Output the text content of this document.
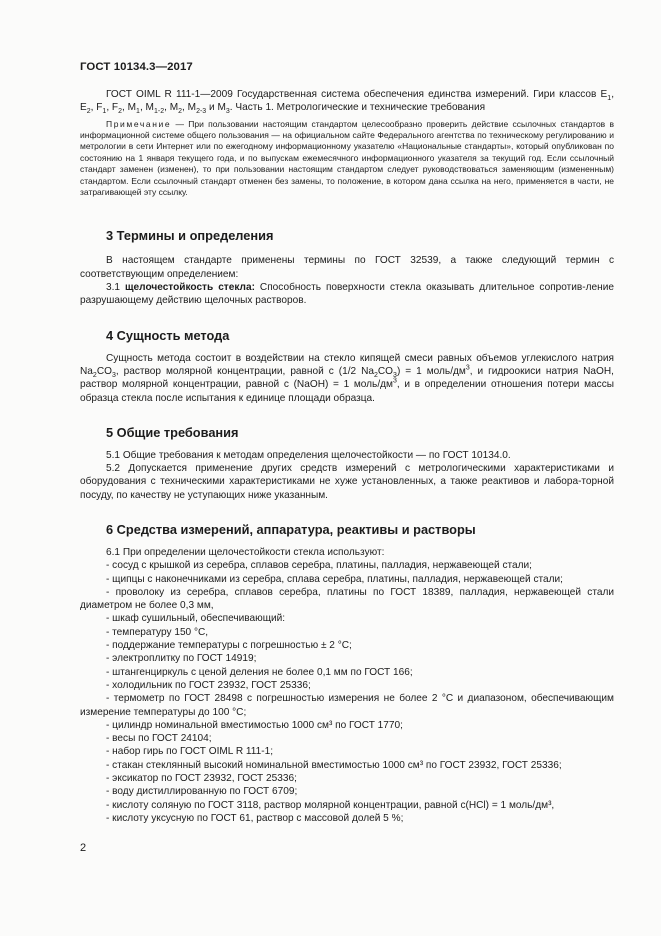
ГОСТ 10134.3—2017

ГОСТ OIML R 111-1—2009 Государственная система обеспечения единства измерений. Гири классов $E_1$, $E_2$, $F_1$, $F_2$, $M_1$, $M_{1-2}$, $M_2$, $M_{2-3}$ и $M_3$. Часть 1. Метрологические и технические требования

Примечание — При пользовании настоящим стандартом целесообразно проверить действие ссылочных стандартов в информационной системе общего пользования — на официальном сайте Федерального агентства по техническому регулированию и метрологии в сети Интернет или по ежегодному информационному указателю «Национальные стандарты», который опубликован по состоянию на 1 января текущего года, и по выпускам ежемесячного информационного указателя за текущий год. Если ссылочный стандарт заменен (изменен), то при пользовании настоящим стандартом следует руководствоваться заменяющим (измененным) стандартом. Если ссылочный стандарт отменен без замены, то положение, в котором дана ссылка на него, применяется в части, не затрагивающей эту ссылку.

3 Термины и определения

В настоящем стандарте применены термины по ГОСТ 32539, а также следующий термин с соответствующим определением:

3.1 щелочестойкость стекла: Способность поверхности стекла оказывать длительное сопротив-ление разрушающему действию щелочных растворов.

4 Сущность метода

Сущность метода состоит в воздействии на стекло кипящей смеси равных объемов углекислого натрия $Na_2CO_3$, раствор молярной концентрации, равной c (1/2 $Na_2CO_3) = 1$ моль/$дм^3$, и гидроокиси натрия NaOH, раствор молярной концентрации, равной c (NaOH) = 1 моль/$дм^3$, и в определении отношения потери массы образца стекла после испытания к единице площади образца.

5 Общие требования

5.1 Общие требования к методам определения щелочестойкости — по ГОСТ 10134.0.

5.2 Допускается применение других средств измерений с метрологическими характеристиками и оборудования с техническими характеристиками не хуже установленных, а также реактивов и лабора-торной посуду, по качеству не уступающих ниже указанным.

6 Средства измерений, аппаратура, реактивы и растворы

6.1 При определении щелочестойкости стекла используют:

- сосуд с крышкой из серебра, сплавов серебра, платины, палладия, нержавеющей стали;

- щипцы с наконечниками из серебра, сплава серебра, платины, палладия, нержавеющей стали;

- проволоку из серебра, сплавов серебра, платины по ГОСТ 18389, палладия, нержавеющей стали диаметром не более 0,3 мм,

- шкаф сушильный, обеспечивающий:

- температуру 150 °С,

- поддержание температуры с погрешностью ± 2 °С;

- электроплитку по ГОСТ 14919;

- штангенциркуль с ценой деления не более 0,1 мм по ГОСТ 166;

- холодильник по ГОСТ 23932, ГОСТ 25336;

- термометр по ГОСТ 28498 с погрешностью измерения не более 2 °С и диапазоном, обеспечивающим измерение температуры до 100 °С;

- цилиндр номинальной вместимостью 1000 см³ по ГОСТ 1770;

- весы по ГОСТ 24104;

- набор гирь по ГОСТ OIML R 111-1;

- стакан стеклянный высокий номинальной вместимостью 1000 см³ по ГОСТ 23932, ГОСТ 25336;

- эксикатор по ГОСТ 23932, ГОСТ 25336;

- воду дистиллированную по ГОСТ 6709;

- кислоту соляную по ГОСТ 3118, раствор молярной концентрации, равной c(HCl) = 1 моль/дм³,

- кислоту уксусную по ГОСТ 61, раствор с массовой долей 5 %;

2
